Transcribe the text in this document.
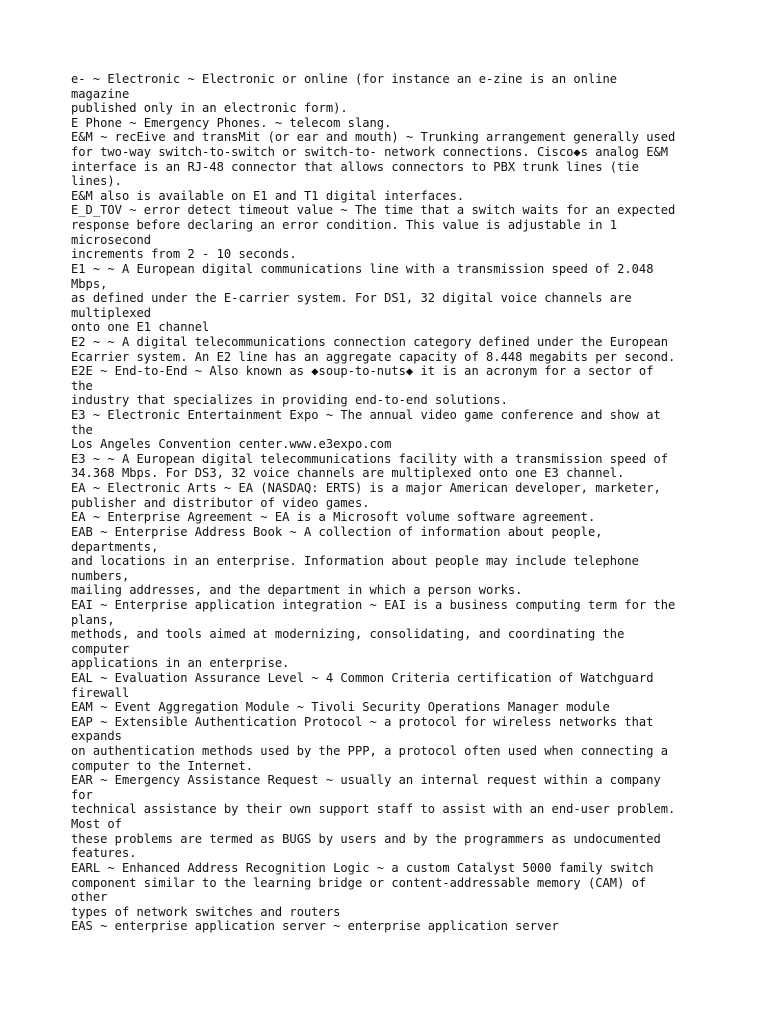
e- ~ Electronic ~ Electronic or online (for instance an e-zine is an online
magazine
published only in an electronic form).
E Phone ~ Emergency Phones. ~ telecom slang.
E&M ~ recEive and transMit (or ear and mouth) ~ Trunking arrangement generally used
for two-way switch-to-switch or switch-to- network connections. Cisco◆s analog E&M
interface is an RJ-48 connector that allows connectors to PBX trunk lines (tie
lines).
E&M also is available on E1 and T1 digital interfaces.
E_D_TOV ~ error detect timeout value ~ The time that a switch waits for an expected
response before declaring an error condition. This value is adjustable in 1
microsecond
increments from 2 - 10 seconds.
E1 ~ ~ A European digital communications line with a transmission speed of 2.048
Mbps,
as defined under the E-carrier system. For DS1, 32 digital voice channels are
multiplexed
onto one E1 channel
E2 ~ ~ A digital telecommunications connection category defined under the European
Ecarrier system. An E2 line has an aggregate capacity of 8.448 megabits per second.
E2E ~ End-to-End ~ Also known as ◆soup-to-nuts◆ it is an acronym for a sector of
the
industry that specializes in providing end-to-end solutions.
E3 ~ Electronic Entertainment Expo ~ The annual video game conference and show at
the
Los Angeles Convention center.www.e3expo.com
E3 ~ ~ A European digital telecommunications facility with a transmission speed of
34.368 Mbps. For DS3, 32 voice channels are multiplexed onto one E3 channel.
EA ~ Electronic Arts ~ EA (NASDAQ: ERTS) is a major American developer, marketer,
publisher and distributor of video games.
EA ~ Enterprise Agreement ~ EA is a Microsoft volume software agreement.
EAB ~ Enterprise Address Book ~ A collection of information about people,
departments,
and locations in an enterprise. Information about people may include telephone
numbers,
mailing addresses, and the department in which a person works.
EAI ~ Enterprise application integration ~ EAI is a business computing term for the
plans,
methods, and tools aimed at modernizing, consolidating, and coordinating the
computer
applications in an enterprise.
EAL ~ Evaluation Assurance Level ~ 4 Common Criteria certification of Watchguard
firewall
EAM ~ Event Aggregation Module ~ Tivoli Security Operations Manager module
EAP ~ Extensible Authentication Protocol ~ a protocol for wireless networks that
expands
on authentication methods used by the PPP, a protocol often used when connecting a
computer to the Internet.
EAR ~ Emergency Assistance Request ~ usually an internal request within a company
for
technical assistance by their own support staff to assist with an end-user problem.
Most of
these problems are termed as BUGS by users and by the programmers as undocumented
features.
EARL ~ Enhanced Address Recognition Logic ~ a custom Catalyst 5000 family switch
component similar to the learning bridge or content-addressable memory (CAM) of
other
types of network switches and routers
EAS ~ enterprise application server ~ enterprise application server
